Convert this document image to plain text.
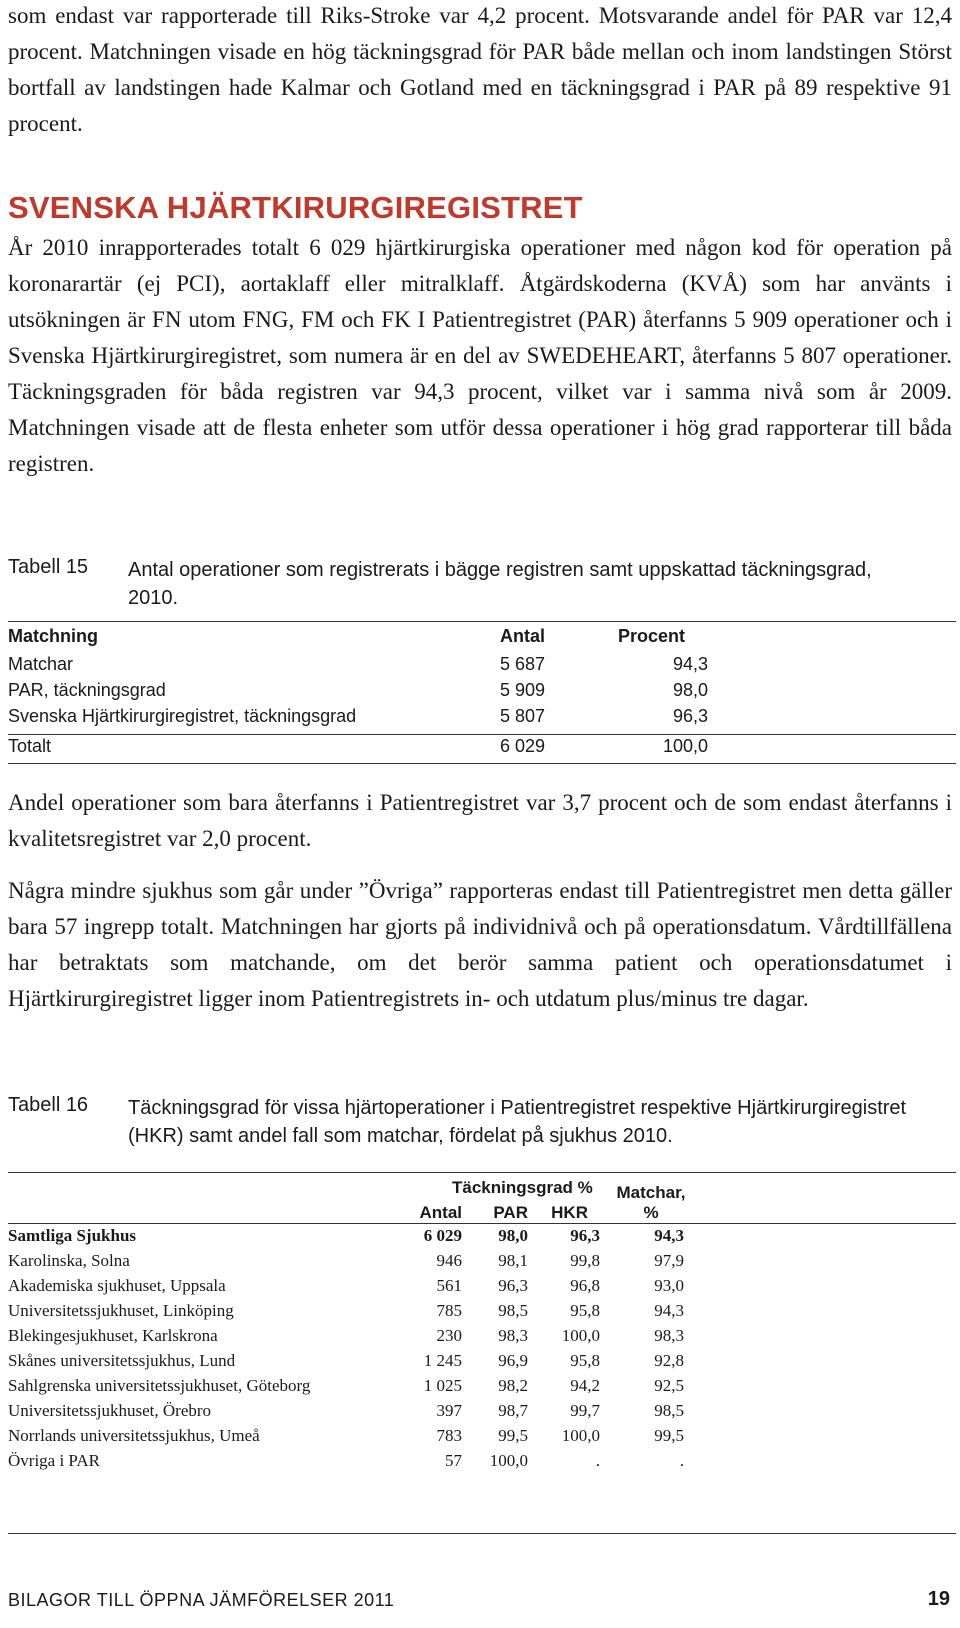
som endast var rapporterade till Riks-Stroke var 4,2 procent. Motsvarande andel för PAR var 12,4 procent. Matchningen visade en hög täckningsgrad för PAR både mellan och inom landstingen Störst bortfall av landstingen hade Kalmar och Gotland med en täckningsgrad i PAR på 89 respektive 91 procent.
SVENSKA HJÄRTKIRURGIREGISTRET
År 2010 inrapporterades totalt 6 029 hjärtkirurgiska operationer med någon kod för operation på koronarartär (ej PCI), aortaklaff eller mitralklaff. Åtgärdskoderna (KVÅ) som har använts i utsökningen är FN utom FNG, FM och FK I Patientregistret (PAR) återfanns 5 909 operationer och i Svenska Hjärtkirurgiregistret, som numera är en del av SWEDEHEART, återfanns 5 807 operationer. Täckningsgraden för båda registren var 94,3 procent, vilket var i samma nivå som år 2009. Matchningen visade att de flesta enheter som utför dessa operationer i hög grad rapporterar till båda registren.
Tabell 15 Antal operationer som registrerats i bägge registren samt uppskattad täckningsgrad, 2010.
Matchning	Antal	Procent
Matchar	5 687	94,3
PAR, täckningsgrad	5 909	98,0
Svenska Hjärtkirurgiregistret, täckningsgrad	5 807	96,3
Totalt	6 029	100,0
Andel operationer som bara återfanns i Patientregistret var 3,7 procent och de som endast återfanns i kvalitetsregistret var 2,0 procent.
Några mindre sjukhus som går under ”Övriga” rapporteras endast till Patientregistret men detta gäller bara 57 ingrepp totalt. Matchningen har gjorts på individnivå och på operationsdatum. Vårdtillfällena har betraktats som matchande, om det berör samma patient och operationsdatumet i Hjärtkirurgiregistret ligger inom Patientregistrets in- och utdatum plus/minus tre dagar.
Tabell 16 Täckningsgrad för vissa hjärtoperationer i Patientregistret respektive Hjärtkirurgiregistret (HKR) samt andel fall som matchar, fördelat på sjukhus 2010.
Täckningsgrad %	Matchar,
Antal	PAR	HKR	%
Samtliga Sjukhus	6 029	98,0	96,3	94,3
Karolinska, Solna	946	98,1	99,8	97,9
Akademiska sjukhuset, Uppsala	561	96,3	96,8	93,0
Universitetssjukhuset, Linköping	785	98,5	95,8	94,3
Blekingesjukhuset, Karlskrona	230	98,3	100,0	98,3
Skånes universitetssjukhus, Lund	1 245	96,9	95,8	92,8
Sahlgrenska universitetssjukhuset, Göteborg	1 025	98,2	94,2	92,5
Universitetssjukhuset, Örebro	397	98,7	99,7	98,5
Norrlands universitetssjukhus, Umeå	783	99,5	100,0	99,5
Övriga i PAR	57	100,0	.	.
BILAGOR TILL ÖPPNA JÄMFÖRELSER 2011	19
